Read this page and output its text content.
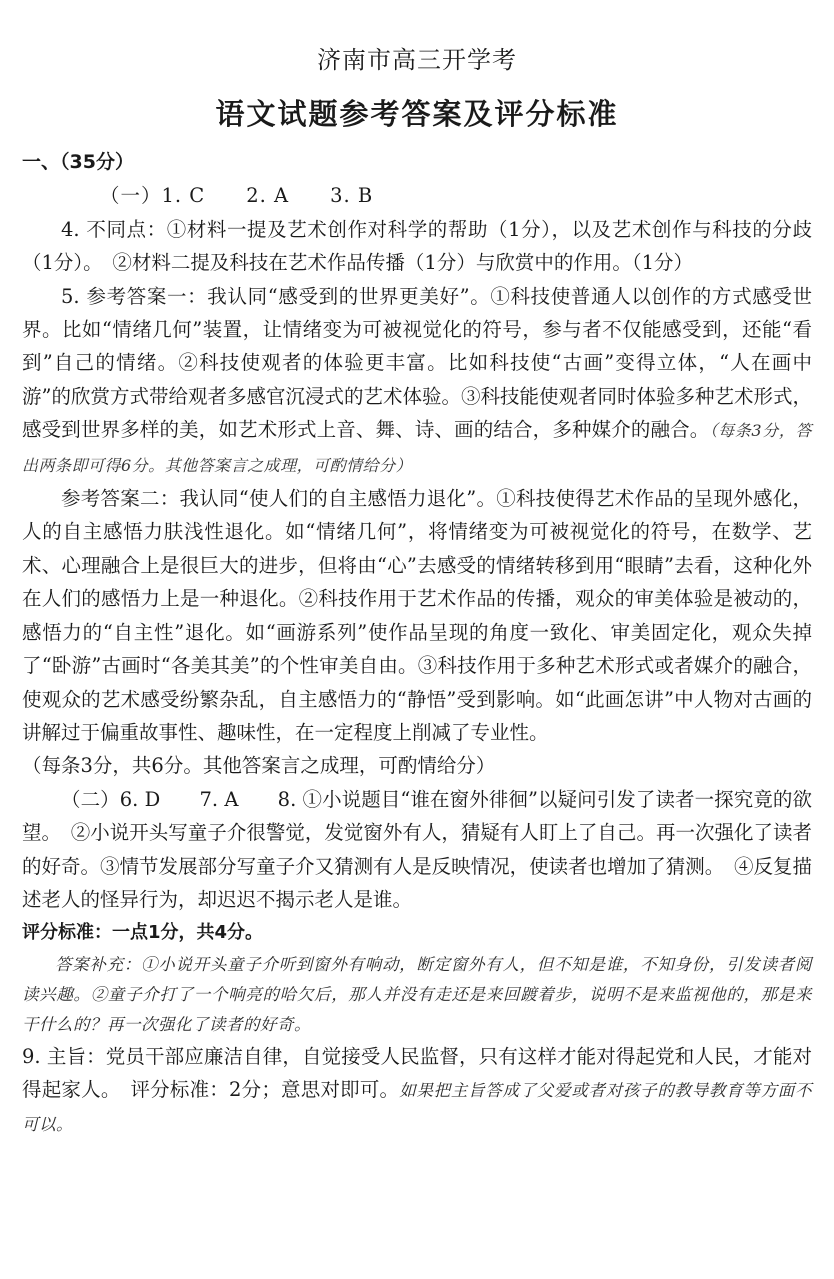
济南市高三开学考
语文试题参考答案及评分标准

一、（35分）

（一）1. C　　2. A　　3. B

4. 不同点：①材料一提及艺术创作对科学的帮助（1分），以及艺术创作与科技的分歧（1分）。　②材料二提及科技在艺术作品传播（1分）与欣赏中的作用。（1分）

5. 参考答案一：我认同“感受到的世界更美好”。①科技使普通人以创作的方式感受世界。比如“情绪几何”装置，让情绪变为可被视觉化的符号，参与者不仅能感受到，还能“看到”自己的情绪。②科技使观者的体验更丰富。比如科技使“古画”变得立体，“人在画中游”的欣赏方式带给观者多感官沉浸式的艺术体验。③科技能使观者同时体验多种艺术形式，感受到世界多样的美，如艺术形式上音、舞、诗、画的结合，多种媒介的融合。（每条3分，答出两条即可得6分。其他答案言之成理，可酌情给分）

参考答案二：我认同“使人们的自主感悟力退化”。①科技使得艺术作品的呈现外感化，人的自主感悟力肤浅性退化。如“情绪几何”，将情绪变为可被视觉化的符号，在数学、艺术、心理融合上是很巨大的进步，但将由“心”去感受的情绪转移到用“眼睛”去看，这种化外在人们的感悟力上是一种退化。②科技作用于艺术作品的传播，观众的审美体验是被动的，感悟力的“自主性”退化。如“画游系列”使作品呈现的角度一致化、审美固定化，观众失掉了“卧游”古画时“各美其美”的个性审美自由。③科技作用于多种艺术形式或者媒介的融合，使观众的艺术感受纷繁杂乱，自主感悟力的“静悟”受到影响。如“此画怎讲”中人物对古画的讲解过于偏重故事性、趣味性，在一定程度上削减了专业性。

（每条3分，共6分。其他答案言之成理，可酌情给分）

（二）6. D　　7. A　　8. ①小说题目“谁在窗外徘徊”以疑问引发了读者一探究竟的欲望。　②小说开头写童子介很警觉，发觉窗外有人，猜疑有人盯上了自己。再一次强化了读者的好奇。③情节发展部分写童子介又猜测有人是反映情况，使读者也增加了猜测。　④反复描述老人的怪异行为，却迟迟不揭示老人是谁。

评分标准：一点1分，共4分。

答案补充：①小说开头童子介听到窗外有响动，断定窗外有人，但不知是谁，不知身份，引发读者阅读兴趣。②童子介打了一个响亮的哈欠后，那人并没有走还是来回踱着步，说明不是来监视他的，那是来干什么的？再一次强化了读者的好奇。

9. 主旨：党员干部应廉洁自律，自觉接受人民监督，只有这样才能对得起党和人民，才能对得起家人。　评分标准：2分；意思对即可。如果把主旨答成了父爱或者对孩子的教导教育等方面不可以。
